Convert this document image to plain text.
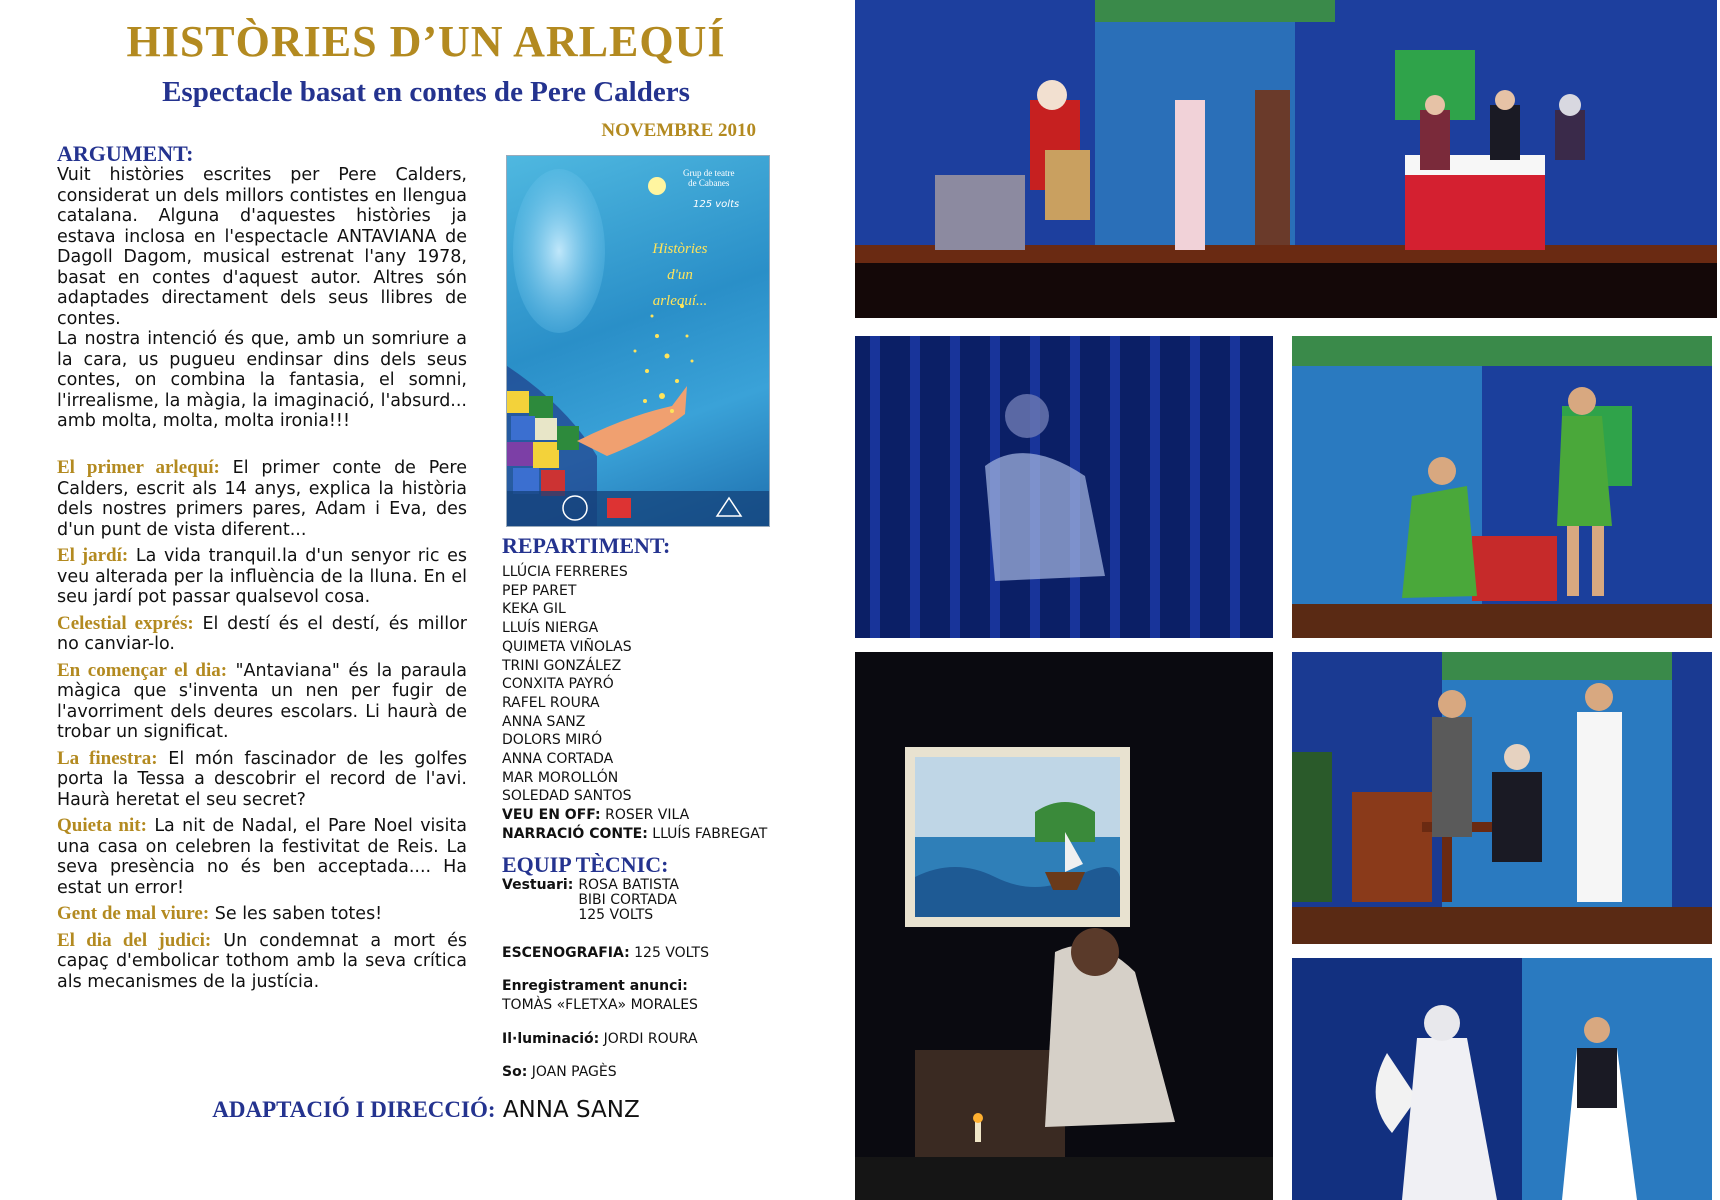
HISTÒRIES D’UN ARLEQUÍ
Espectacle basat en contes de Pere Calders
NOVEMBRE 2010
ARGUMENT:

Vuit històries escrites per Pere Calders, considerat un dels millors contistes en llengua catalana. Alguna d'aquestes històries ja estava inclosa en l'espectacle ANTAVIANA de Dagoll Dagom, musical estrenat l'any 1978, basat en contes d'aquest autor. Altres són adaptades directament dels seus llibres de contes.

La nostra intenció és que, amb un somriure a la cara, us pugueu endinsar dins dels seus contes, on combina la fantasia, el somni, l'irrealisme, la màgia, la imaginació, l'absurd... amb molta, molta, molta ironia!!!

El primer arlequí: El primer conte de Pere Calders, escrit als 14 anys, explica la història dels nostres primers pares, Adam i Eva, des d'un punt de vista diferent...

El jardí: La vida tranquil.la d'un senyor ric es veu alterada per la influència de la lluna. En el seu jardí pot passar qualsevol cosa.

Celestial exprés: El destí és el destí, és millor no canviar-lo.

En començar el dia: "Antaviana" és la paraula màgica que s'inventa un nen per fugir de l'avorriment dels deures escolars. Li haurà de trobar un significat.

La finestra: El món fascinador de les golfes porta la Tessa a descobrir el record de l'avi. Haurà heretat el seu secret?

Quieta nit: La nit de Nadal, el Pare Noel visita una casa on celebren la festivitat de Reis. La seva presència no és ben acceptada.... Ha estat un error!

Gent de mal viure: Se les saben totes!

El dia del judici: Un condemnat a mort és capaç d'embolicar tothom amb la seva crítica als mecanismes de la justícia.

Grup de teatre
de Cabanes
125 volts
Històries
d'un
arlequí...
REPARTIMENT:
LLÚCIA FERRERES
PEP PARET
KEKA GIL
LLUÍS NIERGA
QUIMETA VIÑOLAS
TRINI GONZÁLEZ
CONXITA PAYRÓ
RAFEL ROURA
ANNA SANZ
DOLORS MIRÓ
ANNA CORTADA
MAR MOROLLÓN
SOLEDAD SANTOS
VEU EN OFF: ROSER VILA
NARRACIÓ CONTE: LLUÍS FABREGAT
EQUIP TÈCNIC:
Vestuari: ROSA BATISTA
BIBI CORTADA
125 VOLTS
ESCENOGRAFIA: 125 VOLTS
Enregistrament anunci:
TOMÀS «FLETXA» MORALES
Il·luminació: JORDI ROURA
So: JOAN PAGÈS
ADAPTACIÓ I DIRECCIÓ: ANNA SANZ
